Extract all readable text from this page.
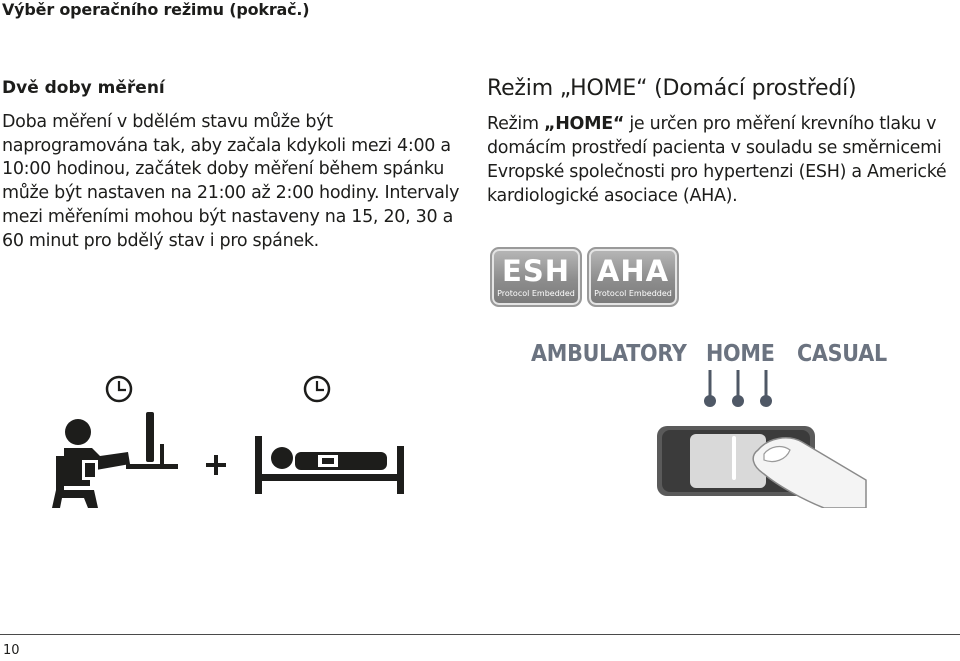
Výběr operačního režimu (pokrač.)
Dvě doby měření
Doba měření v bdělém stavu může být naprogramována tak, aby začala kdykoli mezi 4:00 a 10:00 hodinou, začátek doby měření během spánku může být nastaven na 21:00 až 2:00 hodiny. Intervaly mezi měřeními mohou být nastaveny na 15, 20, 30 a 60 minut pro bdělý stav i pro spánek.
Režim „HOME“ (Domácí prostředí)
Režim „HOME“ je určen pro měření krevního tlaku v domácím prostředí pacienta v souladu se směrnicemi Evropské společnosti pro hypertenzi (ESH) a Americké kardiologické asociace (AHA).
ESH
Protocol Embedded
AHA
Protocol Embedded
AMBULATORY HOME CASUAL
10
